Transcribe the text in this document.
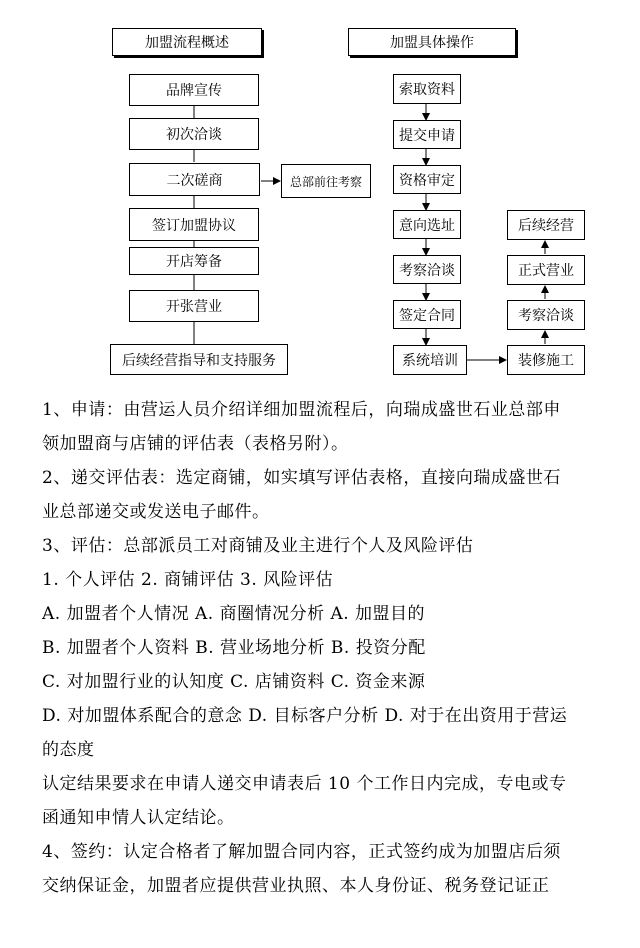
加盟流程概述	加盟具体操作
品牌宣传
初次洽谈
二次磋商
签订加盟协议
开店筹备
开张营业
后续经营指导和支持服务
总部前往考察
索取资料
提交申请
资格审定
意向选址
考察洽谈
签定合同
系统培训	装修施工
考察洽谈
正式营业
后续经营

1、申请：由营运人员介绍详细加盟流程后，向瑞成盛世石业总部申

领加盟商与店铺的评估表（表格另附）。

2、递交评估表：选定商铺，如实填写评估表格，直接向瑞成盛世石

业总部递交或发送电子邮件。

3、评估：总部派员工对商铺及业主进行个人及风险评估

1. 个人评估 2. 商铺评估 3. 风险评估

A. 加盟者个人情况 A. 商圈情况分析 A. 加盟目的

B. 加盟者个人资料 B. 营业场地分析 B. 投资分配

C. 对加盟行业的认知度 C. 店铺资料 C. 资金来源

D. 对加盟体系配合的意念 D. 目标客户分析 D. 对于在出资用于营运

的态度

认定结果要求在申请人递交申请表后 10 个工作日内完成，专电或专

函通知申情人认定结论。

4、签约：认定合格者了解加盟合同内容，正式签约成为加盟店后须

交纳保证金，加盟者应提供营业执照、本人身份证、税务登记证正
